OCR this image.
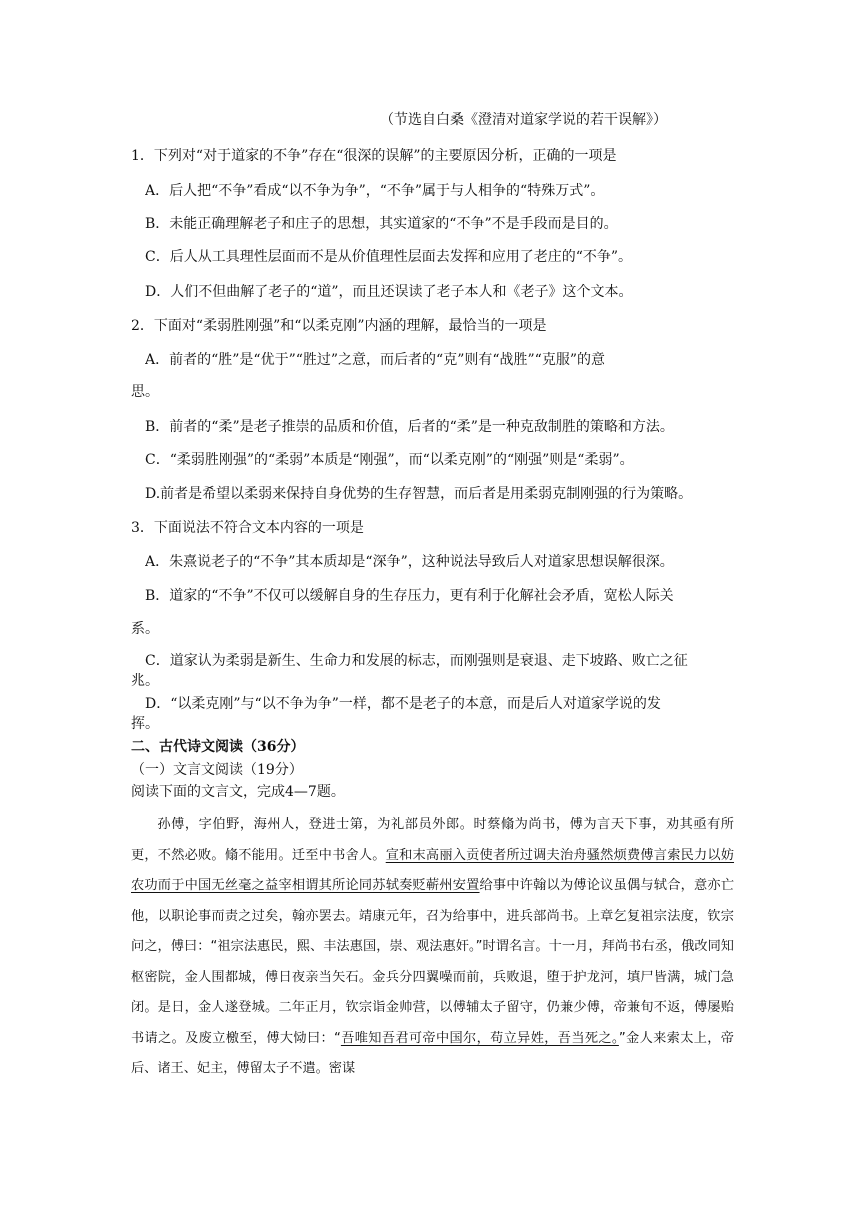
（节选自白桑《澄清对道家学说的若干误解》）
1．下列对“对于道家的不争”存在“很深的误解”的主要原因分析，正确的一项是
A．后人把“不争”看成“以不争为争”，“不争”属于与人相争的“特殊万式”。
B．未能正确理解老子和庄子的思想，其实道家的“不争”不是手段而是目的。
C．后人从工具理性层面而不是从价值理性层面去发挥和应用了老庄的“不争”。
D．人们不但曲解了老子的“道”，而且还误读了老子本人和《老子》这个文本。
2．下面对“柔弱胜刚强”和“以柔克刚”内涵的理解，最恰当的一项是
A．前者的“胜”是“优于”“胜过”之意，而后者的“克”则有“战胜”“克服”的意
思。
B．前者的“柔”是老子推崇的品质和价值，后者的“柔”是一种克敌制胜的策略和方法。
C．“柔弱胜刚强”的“柔弱”本质是“刚强”，而“以柔克刚”的“刚强”则是“柔弱”。
D.前者是希望以柔弱来保持自身优势的生存智慧，而后者是用柔弱克制刚强的行为策略。
3．下面说法不符合文本内容的一项是
A．朱熹说老子的“不争”其本质却是“深争”，这种说法导致后人对道家思想误解很深。
B．道家的“不争”不仅可以缓解自身的生存压力，更有利于化解社会矛盾，宽松人际关
系。
C．道家认为柔弱是新生、生命力和发展的标志，而刚强则是衰退、走下坡路、败亡之征
兆。
D．“以柔克刚”与“以不争为争”一样，都不是老子的本意，而是后人对道家学说的发
挥。
二、古代诗文阅读（36分）
（一）文言文阅读（19分）
阅读下面的文言文，完成4—7题。

孙傅，字伯野，海州人，登进士第，为礼部员外郎。时蔡翛为尚书，傅为言天下事，劝其亟有所更，不然必败。翛不能用。迁至中书舍人。宣和末高丽入贡使者所过调夫治舟骚然烦费傅言索民力以妨农功而于中国无丝毫之益宰相谓其所论同苏轼奏贬蕲州安置给事中许翰以为傅论议虽偶与轼合，意亦亡他，以职论事而责之过矣，翰亦罢去。靖康元年，召为给事中，进兵部尚书。上章乞复祖宗法度，钦宗问之，傅曰：“祖宗法惠民，熙、丰法惠国，崇、观法惠奸。”时谓名言。十一月，拜尚书右丞，俄改同知枢密院，金人围都城，傅日夜亲当矢石。金兵分四翼噪而前，兵败退，堕于护龙河，填尸皆满，城门急闭。是日，金人遂登城。二年正月，钦宗诣金帅营，以傅辅太子留守，仍兼少傅，帝兼旬不返，傅屡贻书请之。及废立檄至，傅大恸曰：“吾唯知吾君可帝中国尔，苟立异姓，吾当死之。”金人来索太上，帝后、诸王、妃主，傅留太子不遣。密谋
